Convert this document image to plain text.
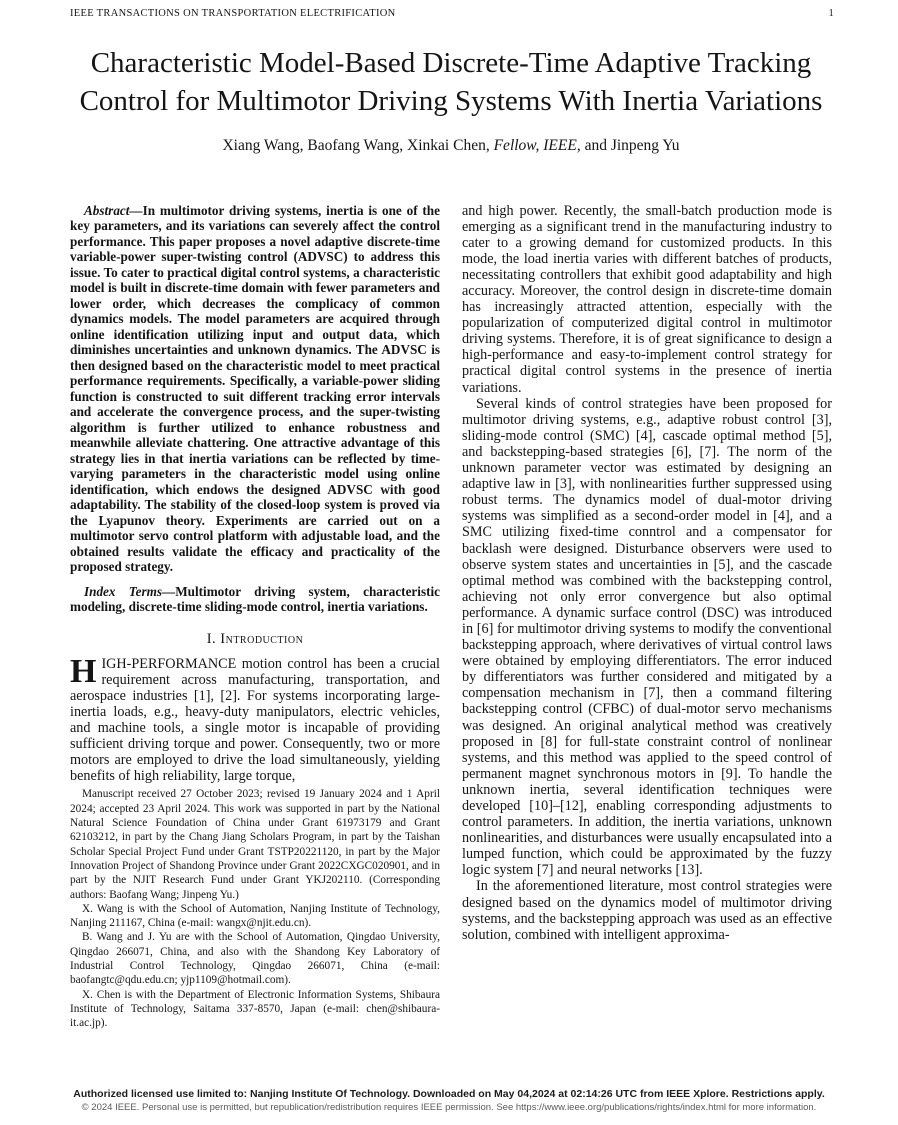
IEEE TRANSACTIONS ON TRANSPORTATION ELECTRIFICATION	1
Characteristic Model-Based Discrete-Time Adaptive Tracking Control for Multimotor Driving Systems With Inertia Variations
Xiang Wang, Baofang Wang, Xinkai Chen, Fellow, IEEE, and Jinpeng Yu

Abstract—In multimotor driving systems, inertia is one of the key parameters, and its variations can severely affect the control performance. This paper proposes a novel adaptive discrete-time variable-power super-twisting control (ADVSC) to address this issue. To cater to practical digital control systems, a characteristic model is built in discrete-time domain with fewer parameters and lower order, which decreases the complicacy of common dynamics models. The model parameters are acquired through online identification utilizing input and output data, which diminishes uncertainties and unknown dynamics. The ADVSC is then designed based on the characteristic model to meet practical performance requirements. Specifically, a variable-power sliding function is constructed to suit different tracking error intervals and accelerate the convergence process, and the super-twisting algorithm is further utilized to enhance robustness and meanwhile alleviate chattering. One attractive advantage of this strategy lies in that inertia variations can be reflected by time-varying parameters in the characteristic model using online identification, which endows the designed ADVSC with good adaptability. The stability of the closed-loop system is proved via the Lyapunov theory. Experiments are carried out on a multimotor servo control platform with adjustable load, and the obtained results validate the efficacy and practicality of the proposed strategy.

Index Terms—Multimotor driving system, characteristic modeling, discrete-time sliding-mode control, inertia variations.

I. Introduction

HIGH-PERFORMANCE motion control has been a crucial requirement across manufacturing, transportation, and aerospace industries [1], [2]. For systems incorporating large-inertia loads, e.g., heavy-duty manipulators, electric vehicles, and machine tools, a single motor is incapable of providing sufficient driving torque and power. Consequently, two or more motors are employed to drive the load simultaneously, yielding benefits of high reliability, large torque,

Manuscript received 27 October 2023; revised 19 January 2024 and 1 April 2024; accepted 23 April 2024. This work was supported in part by the National Natural Science Foundation of China under Grant 61973179 and Grant 62103212, in part by the Chang Jiang Scholars Program, in part by the Taishan Scholar Special Project Fund under Grant TSTP20221120, in part by the Major Innovation Project of Shandong Province under Grant 2022CXGC020901, and in part by the NJIT Research Fund under Grant YKJ202110. (Corresponding authors: Baofang Wang; Jinpeng Yu.)

X. Wang is with the School of Automation, Nanjing Institute of Technology, Nanjing 211167, China (e-mail: wangx@njit.edu.cn).

B. Wang and J. Yu are with the School of Automation, Qingdao University, Qingdao 266071, China, and also with the Shandong Key Laboratory of Industrial Control Technology, Qingdao 266071, China (e-mail: baofangtc@qdu.edu.cn; yjp1109@hotmail.com).

X. Chen is with the Department of Electronic Information Systems, Shibaura Institute of Technology, Saitama 337-8570, Japan (e-mail: chen@shibaura-it.ac.jp).

and high power. Recently, the small-batch production mode is emerging as a significant trend in the manufacturing industry to cater to a growing demand for customized products. In this mode, the load inertia varies with different batches of products, necessitating controllers that exhibit good adaptability and high accuracy. Moreover, the control design in discrete-time domain has increasingly attracted attention, especially with the popularization of computerized digital control in multimotor driving systems. Therefore, it is of great significance to design a high-performance and easy-to-implement control strategy for practical digital control systems in the presence of inertia variations.

Several kinds of control strategies have been proposed for multimotor driving systems, e.g., adaptive robust control [3], sliding-mode control (SMC) [4], cascade optimal method [5], and backstepping-based strategies [6], [7]. The norm of the unknown parameter vector was estimated by designing an adaptive law in [3], with nonlinearities further suppressed using robust terms. The dynamics model of dual-motor driving systems was simplified as a second-order model in [4], and a SMC utilizing fixed-time conntrol and a compensator for backlash were designed. Disturbance observers were used to observe system states and uncertainties in [5], and the cascade optimal method was combined with the backstepping control, achieving not only error convergence but also optimal performance. A dynamic surface control (DSC) was introduced in [6] for multimotor driving systems to modify the conventional backstepping approach, where derivatives of virtual control laws were obtained by employing differentiators. The error induced by differentiators was further considered and mitigated by a compensation mechanism in [7], then a command filtering backstepping control (CFBC) of dual-motor servo mechanisms was designed. An original analytical method was creatively proposed in [8] for full-state constraint control of nonlinear systems, and this method was applied to the speed control of permanent magnet synchronous motors in [9]. To handle the unknown inertia, several identification techniques were developed [10]–[12], enabling corresponding adjustments to control parameters. In addition, the inertia variations, unknown nonlinearities, and disturbances were usually encapsulated into a lumped function, which could be approximated by the fuzzy logic system [7] and neural networks [13].

In the aforementioned literature, most control strategies were designed based on the dynamics model of multimotor driving systems, and the backstepping approach was used as an effective solution, combined with intelligent approxima-

Authorized licensed use limited to: Nanjing Institute Of Technology. Downloaded on May 04,2024 at 02:14:26 UTC from IEEE Xplore. Restrictions apply.
© 2024 IEEE. Personal use is permitted, but republication/redistribution requires IEEE permission. See https://www.ieee.org/publications/rights/index.html for more information.
